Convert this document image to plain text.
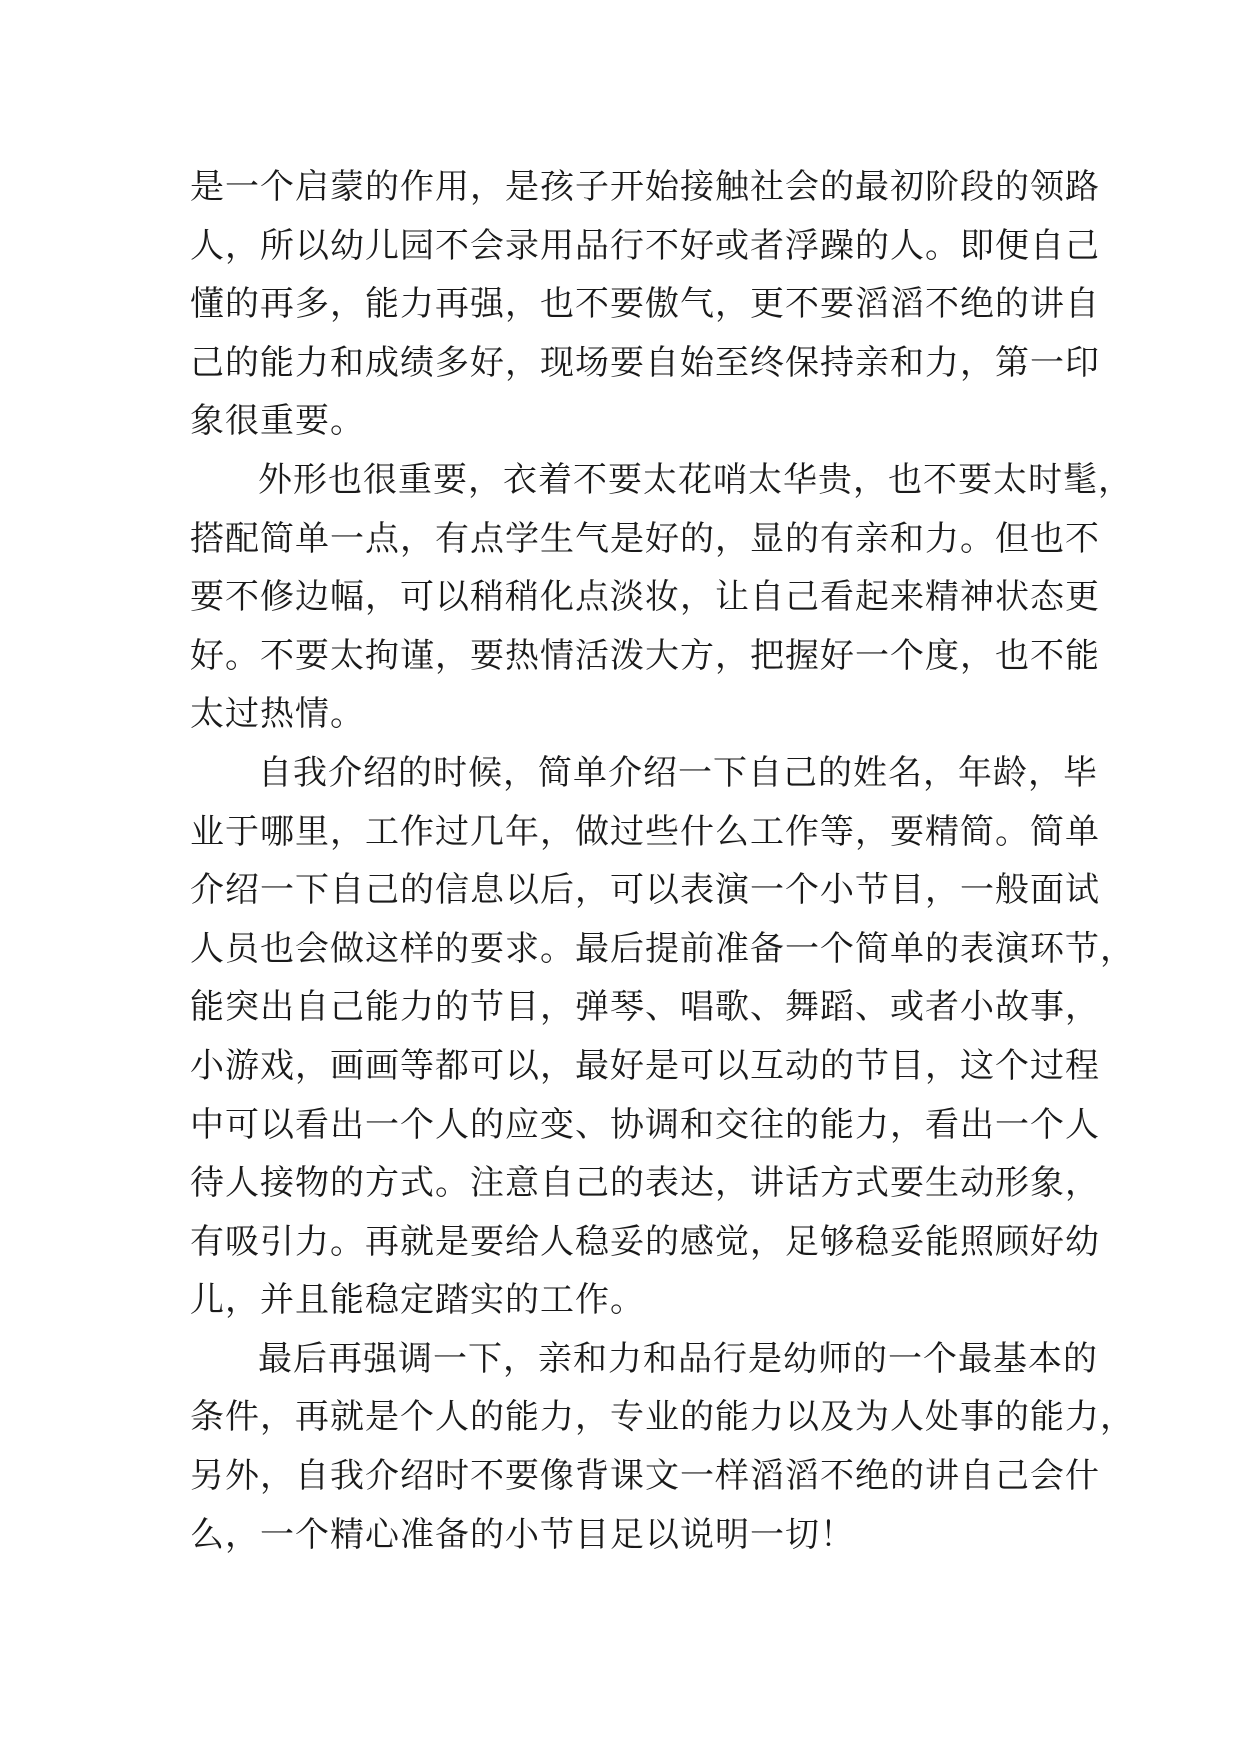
是一个启蒙的作用，是孩子开始接触社会的最初阶段的领路
人，所以幼儿园不会录用品行不好或者浮躁的人。即便自己
懂的再多，能力再强，也不要傲气，更不要滔滔不绝的讲自
己的能力和成绩多好，现场要自始至终保持亲和力，第一印
象很重要。
外形也很重要，衣着不要太花哨太华贵，也不要太时髦，
搭配简单一点，有点学生气是好的，显的有亲和力。但也不
要不修边幅，可以稍稍化点淡妆，让自己看起来精神状态更
好。不要太拘谨，要热情活泼大方，把握好一个度，也不能
太过热情。
自我介绍的时候，简单介绍一下自己的姓名，年龄，毕
业于哪里，工作过几年，做过些什么工作等，要精简。简单
介绍一下自己的信息以后，可以表演一个小节目，一般面试
人员也会做这样的要求。最后提前准备一个简单的表演环节，
能突出自己能力的节目，弹琴、唱歌、舞蹈、或者小故事，
小游戏，画画等都可以，最好是可以互动的节目，这个过程
中可以看出一个人的应变、协调和交往的能力，看出一个人
待人接物的方式。注意自己的表达，讲话方式要生动形象，
有吸引力。再就是要给人稳妥的感觉，足够稳妥能照顾好幼
儿，并且能稳定踏实的工作。
最后再强调一下，亲和力和品行是幼师的一个最基本的
条件，再就是个人的能力，专业的能力以及为人处事的能力，
另外，自我介绍时不要像背课文一样滔滔不绝的讲自己会什
么，一个精心准备的小节目足以说明一切！
